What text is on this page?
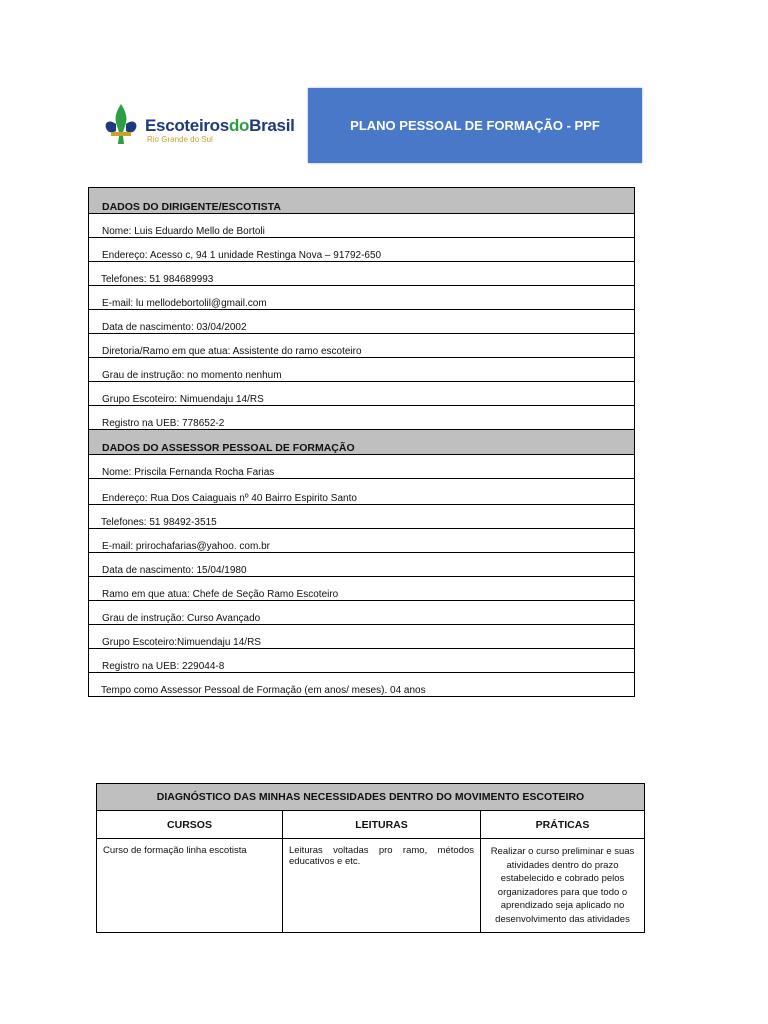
EscoteirosdoBrasil
Rio Grande do Sul
PLANO PESSOAL DE FORMAÇÃO - PPF
DADOS DO DIRIGENTE/ESCOTISTA
Nome: Luis Eduardo Mello de Bortoli
Endereço: Acesso c, 94 1 unidade Restinga Nova – 91792-650
Telefones: 51 984689993
E-mail: lu mellodebortolil@gmail.com
Data de nascimento: 03/04/2002
Diretoria/Ramo em que atua: Assistente do ramo escoteiro
Grau de instrução: no momento nenhum
Grupo Escoteiro: Nimuendaju 14/RS
Registro na UEB: 778652-2
DADOS DO ASSESSOR PESSOAL DE FORMAÇÃO
Nome: Priscila Fernanda Rocha Farias
Endereço: Rua Dos Caiaguais nº 40 Bairro Espirito Santo
Telefones: 51 98492-3515
E-mail: prirochafarias@yahoo. com.br
Data de nascimento: 15/04/1980
Ramo em que atua: Chefe de Seção Ramo Escoteiro
Grau de instrução: Curso Avançado
Grupo Escoteiro:Nimuendaju 14/RS
Registro na UEB: 229044-8
Tempo como Assessor Pessoal de Formação (em anos/ meses). 04 anos
DIAGNÓSTICO DAS MINHAS NECESSIDADES DENTRO DO MOVIMENTO ESCOTEIRO		
CURSOS	LEITURAS	PRÁTICAS
Curso de formação linha escotista	Leituras voltadas pro ramo, métodos educativos e etc.	Realizar o curso preliminar e suas atividades dentro do prazo estabelecido e cobrado pelos organizadores para que todo o aprendizado seja aplicado no desenvolvimento das atividades
